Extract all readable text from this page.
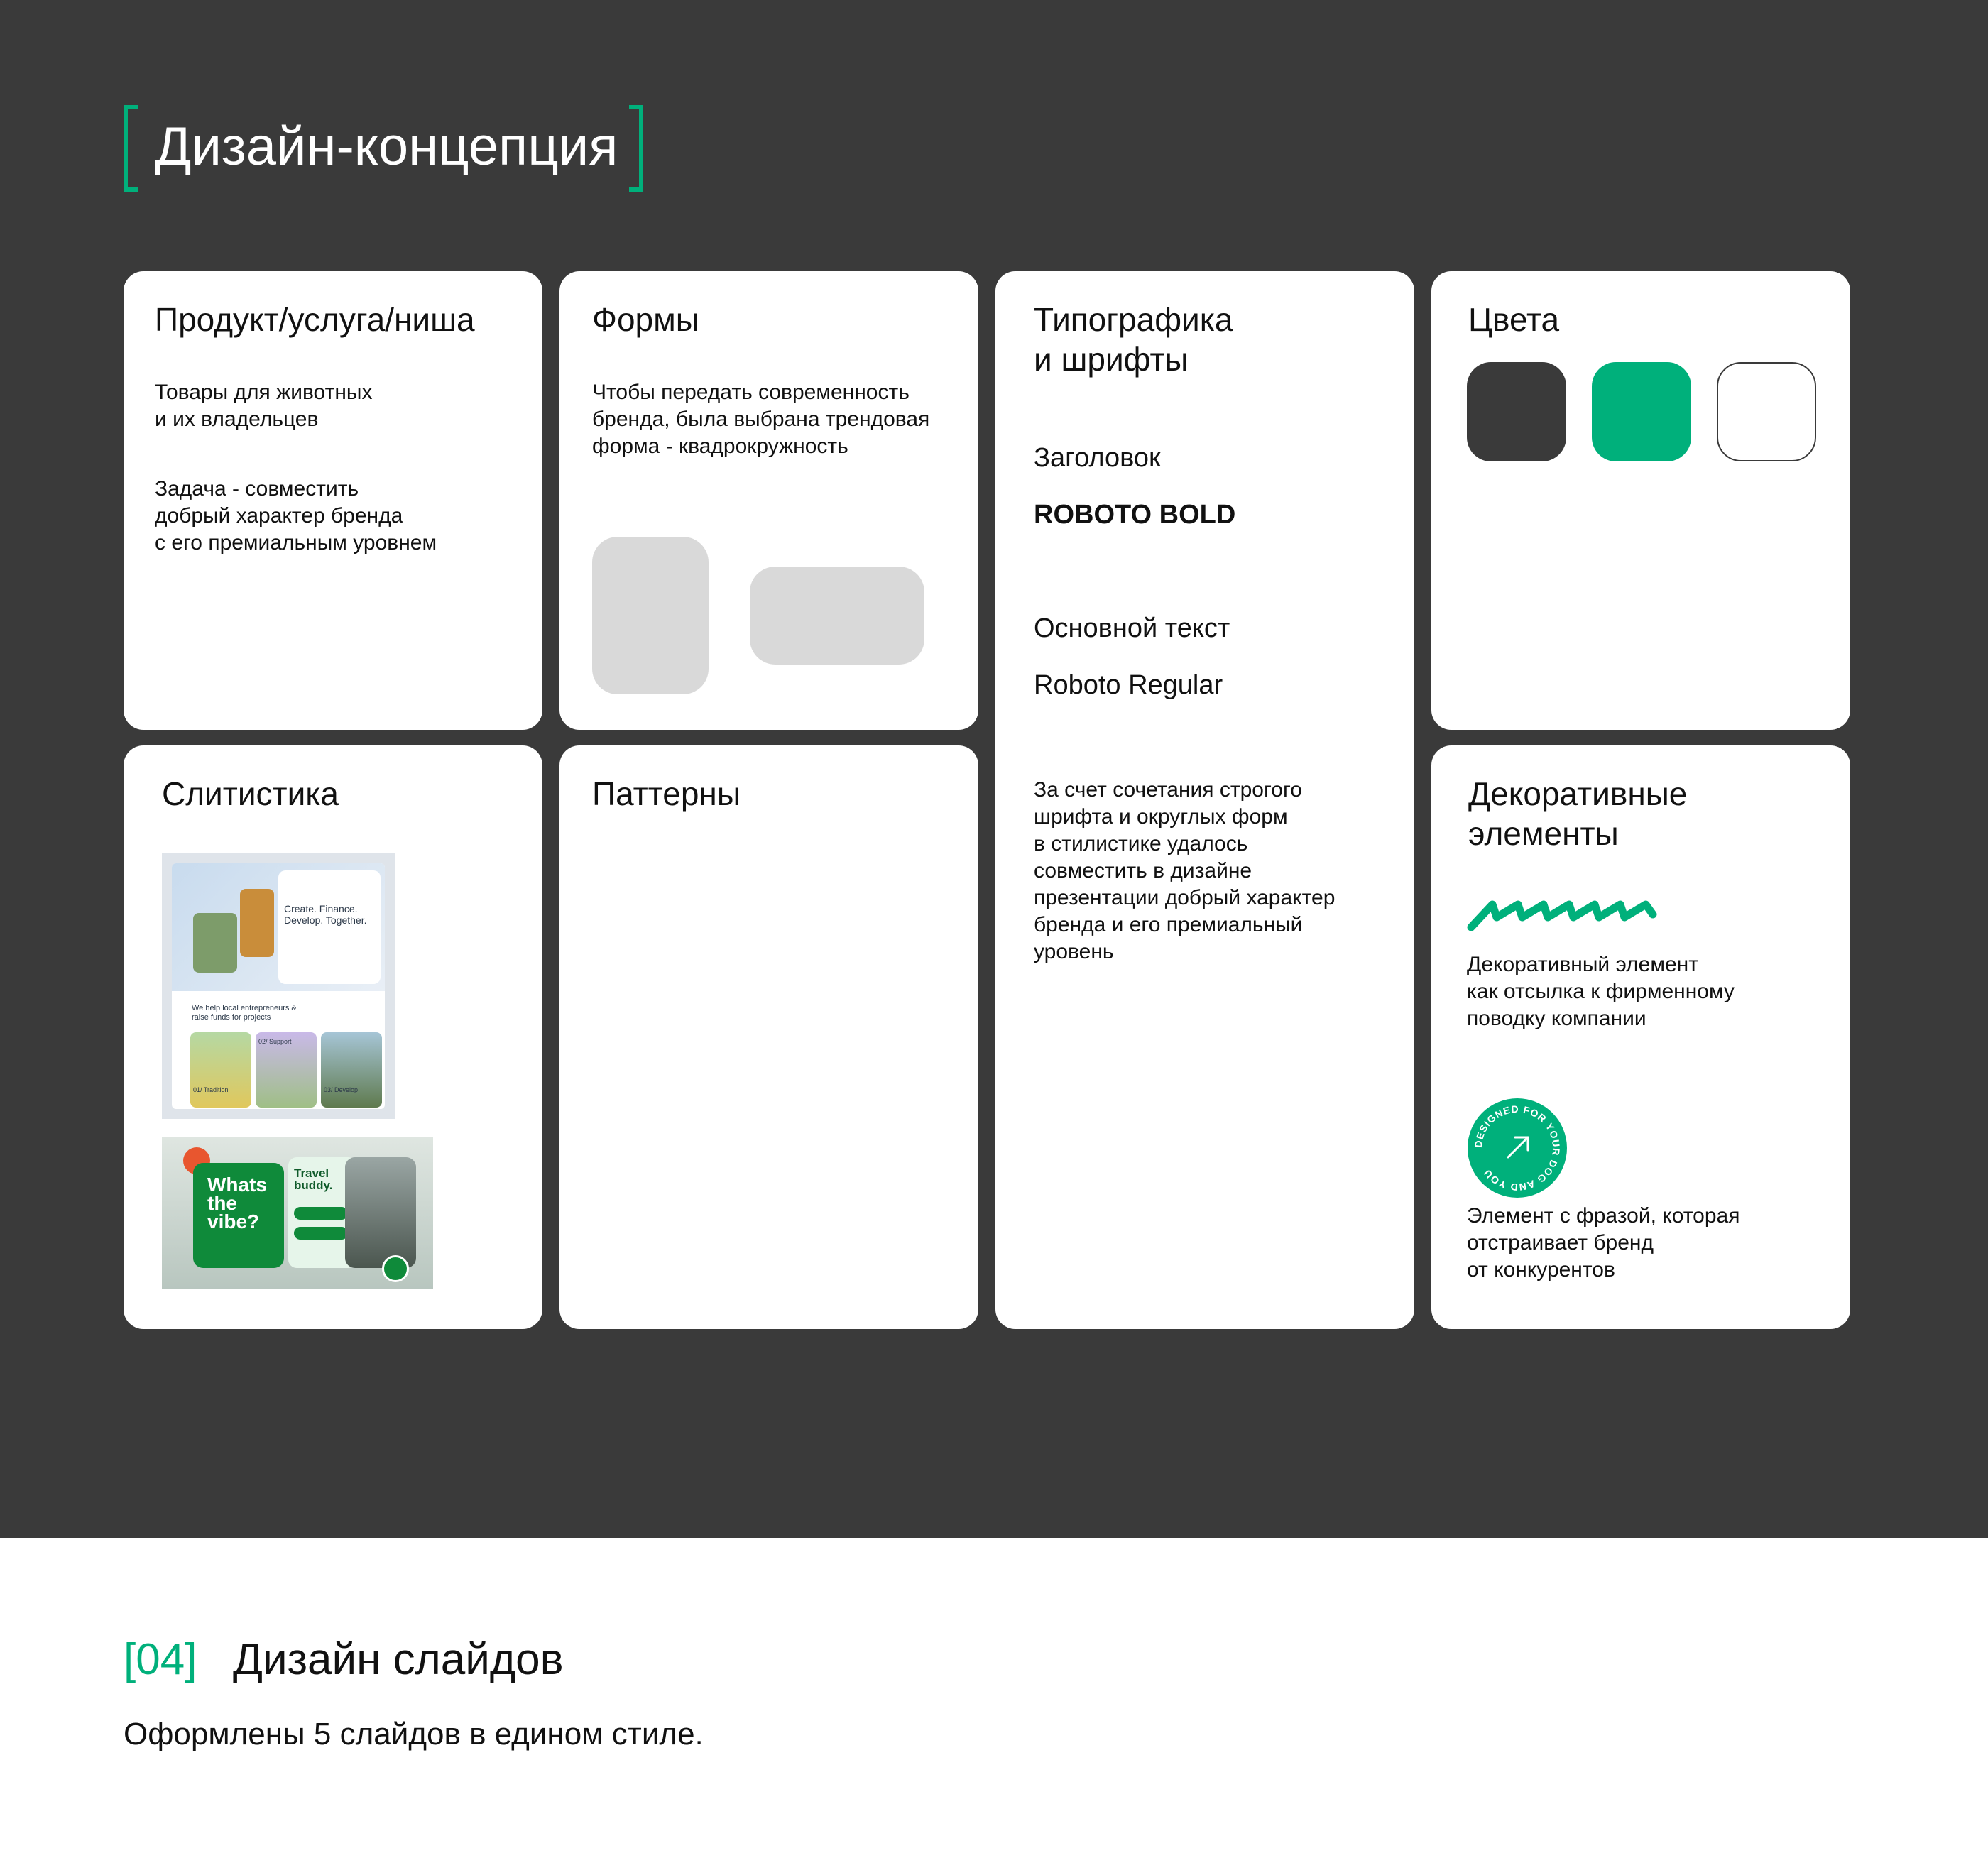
Дизайн-концепция
Продукт/услуга/ниша
Товары для животных
и их владельцев
Задача - совместить
добрый характер бренда
с его премиальным уровнем
Формы
Чтобы передать современность
бренда, была выбрана трендовая
форма - квадрокружность
Типографика
и шрифты
Заголовок
ROBOTO BOLD
Основной текст
Roboto Regular
За счет сочетания строгого
шрифта и округлых форм
в стилистике удалось
совместить в дизайне
презентации добрый характер
бренда и его премиальный
уровень
Цвета
Слитистика
Create. Finance.
Develop. Together.
We help local entrepreneurs &
raise funds for projects
01/ Tradition
02/ Support
03/ Develop
Whats
the
vibe?
Travel
buddy.
Паттерны	Декоративные
элементы
Декоративный элемент
как отсылка к фирменному
поводку компании
DESIGNED FOR YOUR DOG AND YOU
Элемент с фразой, которая
отстраивает бренд
от конкурентов
[04] Дизайн слайдов
Оформлены 5 слайдов в едином стиле.
